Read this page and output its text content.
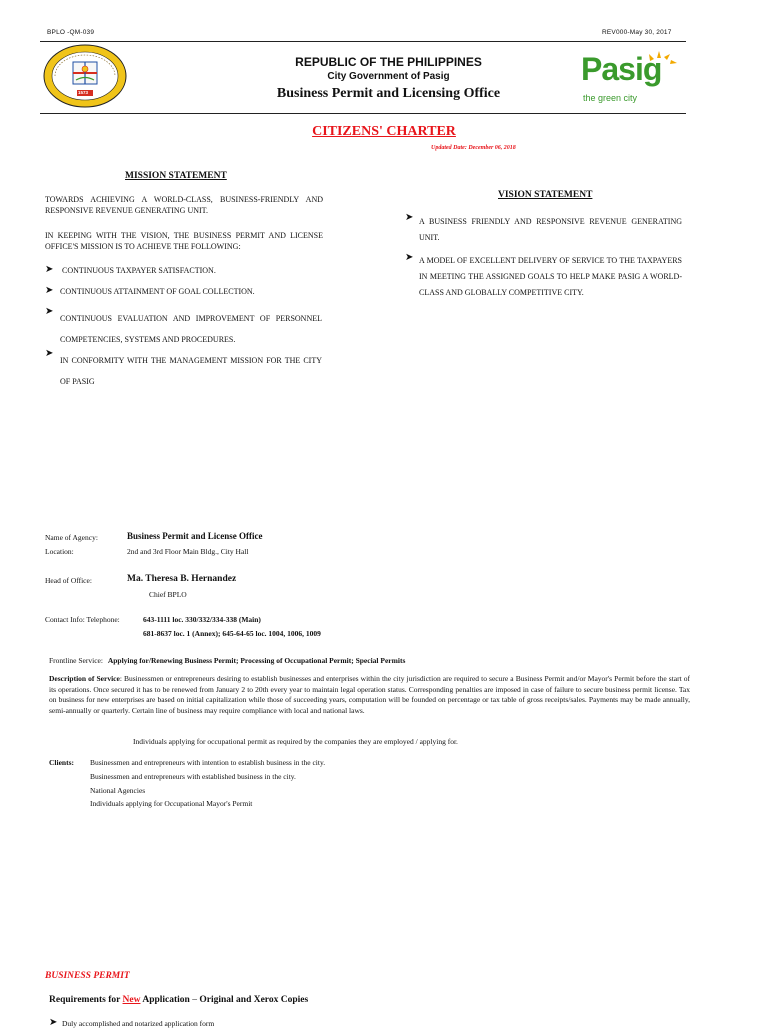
BPLO -QM-039	REV000-May 30, 2017
1573
REPUBLIC OF THE PHILIPPINES
City Government of Pasig
Business Permit and Licensing Office
Pasig
the green city
CITIZENS' CHARTER
Updated Date: December 06, 2018
MISSION STATEMENT
TOWARDS ACHIEVING A WORLD-CLASS, BUSINESS-FRIENDLY AND RESPONSIVE REVENUE GENERATING UNIT.
IN KEEPING WITH THE VISION, THE BUSINESS PERMIT AND LICENSE OFFICE'S MISSION IS TO ACHIEVE THE FOLLOWING:
➤ CONTINUOUS TAXPAYER SATISFACTION.
➤ CONTINUOUS ATTAINMENT OF GOAL COLLECTION.
➤
CONTINUOUS EVALUATION AND IMPROVEMENT OF PERSONNEL COMPETENCIES, SYSTEMS AND PROCEDURES.
➤
IN CONFORMITY WITH THE MANAGEMENT MISSION FOR THE CITY OF PASIG
VISION STATEMENT
➤ A BUSINESS FRIENDLY AND RESPONSIVE REVENUE GENERATING UNIT.
➤ A MODEL OF EXCELLENT DELIVERY OF SERVICE TO THE TAXPAYERS IN MEETING THE ASSIGNED GOALS TO HELP MAKE PASIG A WORLD-CLASS AND GLOBALLY COMPETITIVE CITY.
Name of Agency:	Business Permit and License Office
Location:	2nd and 3rd Floor Main Bldg., City Hall
Head of Office:	Ma. Theresa B. Hernandez
Chief BPLO
Contact Info: Telephone:	643-1111 loc. 330/332/334-338 (Main)
681-8637 loc. 1 (Annex); 645-64-65 loc. 1004, 1006, 1009
Frontline Service: Applying for/Renewing Business Permit; Processing of Occupational Permit; Special Permits
Description of Service: Businessmen or entrepreneurs desiring to establish businesses and enterprises within the city jurisdiction are required to secure a Business Permit and/or Mayor's Permit before the start of its operations. Once secured it has to be renewed from January 2 to 20th every year to maintain legal operation status. Corresponding penalties are imposed in case of failure to secure business permit license. Tax on business for new enterprises are based on initial capitalization while those of succeeding years, computation will be founded on percentage or tax table of gross receipts/sales. Payments may be made annually, semi-annually or quarterly. Certain line of business may require compliance with local and national laws.
Individuals applying for occupational permit as required by the companies they are employed / applying for.
Clients: Businessmen and entrepreneurs with intention to establish business in the city.
Businessmen and entrepreneurs with established business in the city.
National Agencies
Individuals applying for Occupational Mayor's Permit
BUSINESS PERMIT
Requirements for New Application – Original and Xerox Copies
➤ Duly accomplished and notarized application form
